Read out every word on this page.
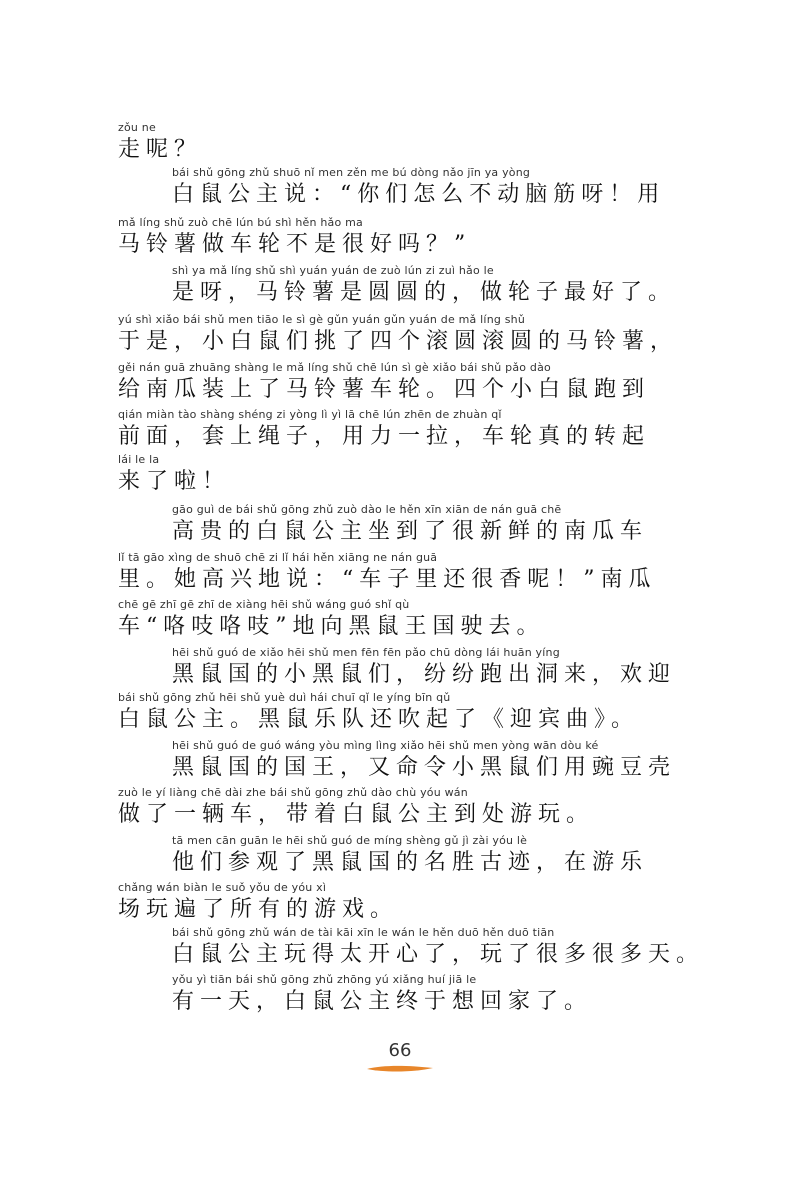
zǒu ne
走呢？
bái shǔ gōng zhǔ shuō nǐ men zěn me bú dòng nǎo jīn ya yòng
白鼠公主说：“你们怎么不动脑筋呀！用
mǎ líng shǔ zuò chē lún bú shì hěn hǎo ma
马铃薯做车轮不是很好吗？”
shì ya mǎ líng shǔ shì yuán yuán de zuò lún zi zuì hǎo le
是呀，马铃薯是圆圆的，做轮子最好了。
yú shì xiǎo bái shǔ men tiāo le sì gè gǔn yuán gǔn yuán de mǎ líng shǔ
于是，小白鼠们挑了四个滚圆滚圆的马铃薯，
gěi nán guā zhuāng shàng le mǎ líng shǔ chē lún sì gè xiǎo bái shǔ pǎo dào
给南瓜装上了马铃薯车轮。四个小白鼠跑到
qián miàn tào shàng shéng zi yòng lì yì lā chē lún zhēn de zhuàn qǐ
前面，套上绳子，用力一拉，车轮真的转起
lái le la
来了啦！
gāo guì de bái shǔ gōng zhǔ zuò dào le hěn xīn xiān de nán guā chē
高贵的白鼠公主坐到了很新鲜的南瓜车
lǐ tā gāo xìng de shuō chē zi lǐ hái hěn xiāng ne nán guā
里。她高兴地说：“车子里还很香呢！”南瓜
chē gē zhī gē zhī de xiàng hēi shǔ wáng guó shǐ qù
车“咯吱咯吱”地向黑鼠王国驶去。
hēi shǔ guó de xiǎo hēi shǔ men fēn fēn pǎo chū dòng lái huān yíng
黑鼠国的小黑鼠们，纷纷跑出洞来，欢迎
bái shǔ gōng zhǔ hēi shǔ yuè duì hái chuī qǐ le yíng bīn qǔ
白鼠公主。黑鼠乐队还吹起了《迎宾曲》。
hēi shǔ guó de guó wáng yòu mìng lìng xiǎo hēi shǔ men yòng wān dòu ké
黑鼠国的国王，又命令小黑鼠们用豌豆壳
zuò le yí liàng chē dài zhe bái shǔ gōng zhǔ dào chù yóu wán
做了一辆车，带着白鼠公主到处游玩。
tā men cān guān le hēi shǔ guó de míng shèng gǔ jì zài yóu lè
他们参观了黑鼠国的名胜古迹，在游乐
chǎng wán biàn le suǒ yǒu de yóu xì
场玩遍了所有的游戏。
bái shǔ gōng zhǔ wán de tài kāi xīn le wán le hěn duō hěn duō tiān
白鼠公主玩得太开心了，玩了很多很多天。
yǒu yì tiān bái shǔ gōng zhǔ zhōng yú xiǎng huí jiā le
有一天，白鼠公主终于想回家了。
66
